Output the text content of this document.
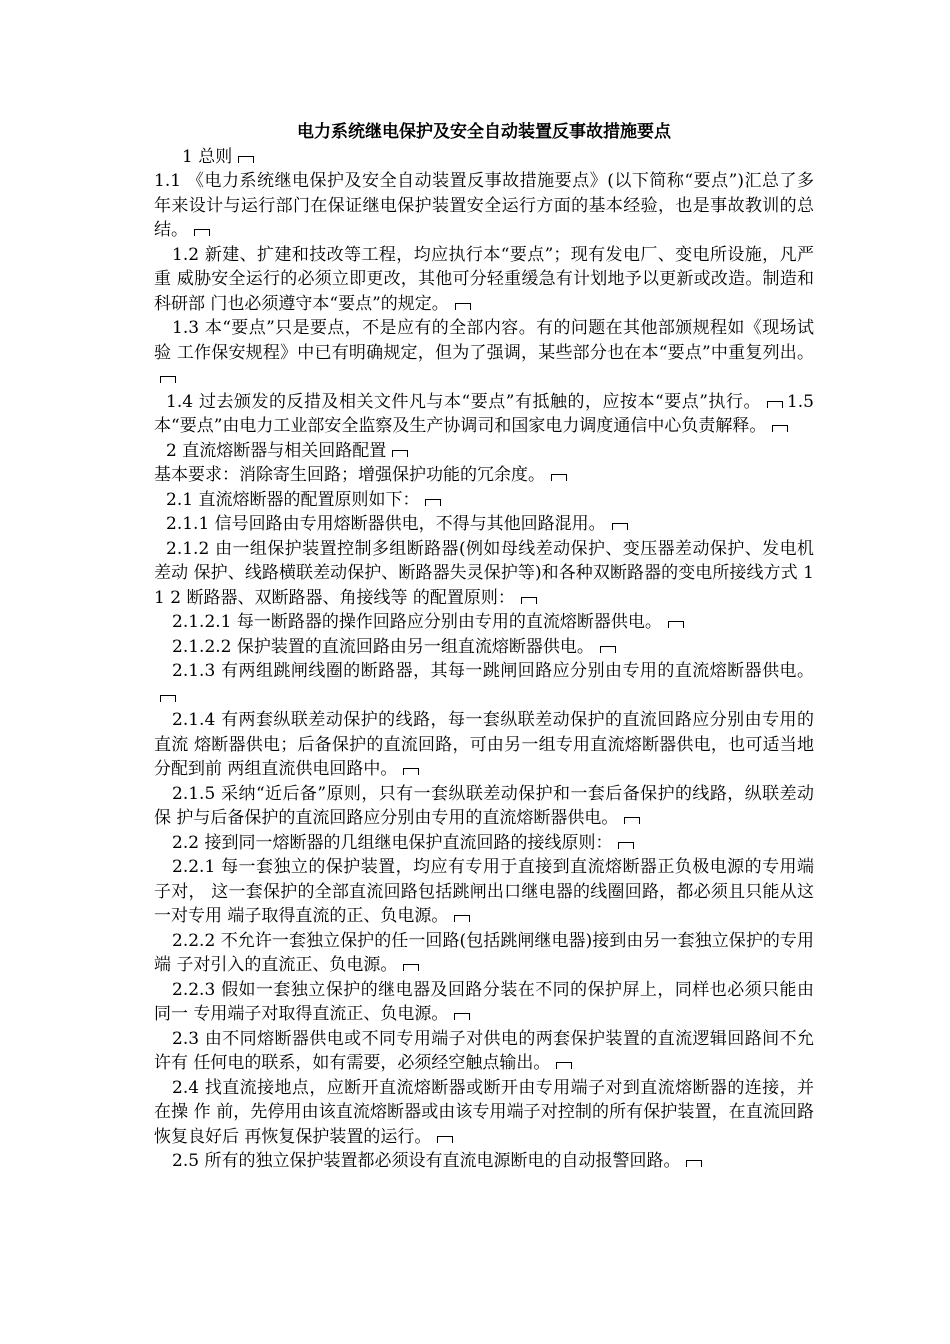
电力系统继电保护及安全自动装置反事故措施要点

1 总则

1.1 《电力系统继电保护及安全自动装置反事故措施要点》(以下简称“要点”)汇总了多 年来设计与运行部门在保证继电保护装置安全运行方面的基本经验，也是事故教训的总结。

1.2 新建、扩建和技改等工程，均应执行本“要点”；现有发电厂、变电所设施，凡严重 威胁安全运行的必须立即更改，其他可分轻重缓急有计划地予以更新或改造。制造和科研部 门也必须遵守本“要点”的规定。

1.3 本“要点”只是要点，不是应有的全部内容。有的问题在其他部颁规程如《现场试验 工作保安规程》中已有明确规定，但为了强调，某些部分也在本“要点”中重复列出。

1.4 过去颁发的反措及相关文件凡与本“要点”有抵触的，应按本“要点”执行。 1.5 本“要点”由电力工业部安全监察及生产协调司和国家电力调度通信中心负责解释。

2 直流熔断器与相关回路配置

基本要求：消除寄生回路；增强保护功能的冗余度。

2.1 直流熔断器的配置原则如下：

2.1.1 信号回路由专用熔断器供电，不得与其他回路混用。

2.1.2 由一组保护装置控制多组断路器(例如母线差动保护、变压器差动保护、发电机差动 保护、线路横联差动保护、断路器失灵保护等)和各种双断路器的变电所接线方式 1 1 2 断路器、双断路器、角接线等 的配置原则：

2.1.2.1 每一断路器的操作回路应分别由专用的直流熔断器供电。

2.1.2.2 保护装置的直流回路由另一组直流熔断器供电。

2.1.3 有两组跳闸线圈的断路器，其每一跳闸回路应分别由专用的直流熔断器供电。

2.1.4 有两套纵联差动保护的线路，每一套纵联差动保护的直流回路应分别由专用的直流 熔断器供电；后备保护的直流回路，可由另一组专用直流熔断器供电，也可适当地分配到前 两组直流供电回路中。

2.1.5 采纳“近后备”原则，只有一套纵联差动保护和一套后备保护的线路，纵联差动保 护与后备保护的直流回路应分别由专用的直流熔断器供电。

2.2 接到同一熔断器的几组继电保护直流回路的接线原则：

2.2.1 每一套独立的保护装置，均应有专用于直接到直流熔断器正负极电源的专用端子对， 这一套保护的全部直流回路包括跳闸出口继电器的线圈回路，都必须且只能从这一对专用 端子取得直流的正、负电源。

2.2.2 不允许一套独立保护的任一回路(包括跳闸继电器)接到由另一套独立保护的专用端 子对引入的直流正、负电源。

2.2.3 假如一套独立保护的继电器及回路分装在不同的保护屏上，同样也必须只能由同一 专用端子对取得直流正、负电源。

2.3 由不同熔断器供电或不同专用端子对供电的两套保护装置的直流逻辑回路间不允许有 任何电的联系，如有需要，必须经空触点输出。

2.4 找直流接地点，应断开直流熔断器或断开由专用端子对到直流熔断器的连接，并在操 作 前，先停用由该直流熔断器或由该专用端子对控制的所有保护装置，在直流回路恢复良好后 再恢复保护装置的运行。

2.5 所有的独立保护装置都必须设有直流电源断电的自动报警回路。
